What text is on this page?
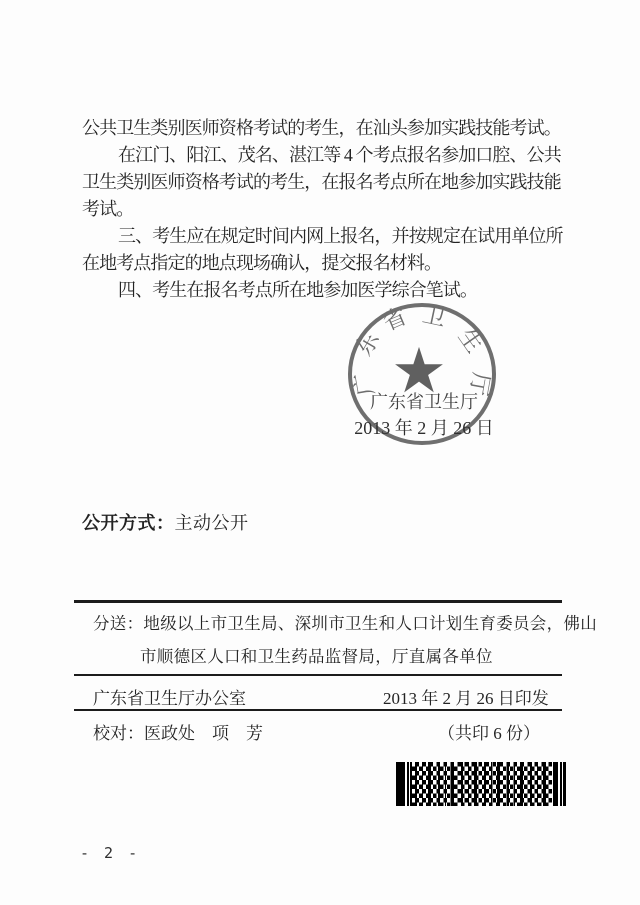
公共卫生类别医师资格考试的考生，在汕头参加实践技能考试。
在江门、阳江、茂名、湛江等 4 个考点报名参加口腔、公共
卫生类别医师资格考试的考生，在报名考点所在地参加实践技能
考试。
三、考生应在规定时间内网上报名，并按规定在试用单位所
在地考点指定的地点现场确认，提交报名材料。
四、考生在报名考点所在地参加医学综合笔试。
广
东
省 卫
生
厅
广东省卫生厅
2013 年 2 月 26 日
公开方式：主动公开
分送：地级以上市卫生局、深圳市卫生和人口计划生育委员会，佛山
市顺德区人口和卫生药品监督局，厅直属各单位
广东省卫生厅办公室	2013 年 2 月 26 日印发
校对：医政处　项　芳	（共印 6 份）
- 2 -
